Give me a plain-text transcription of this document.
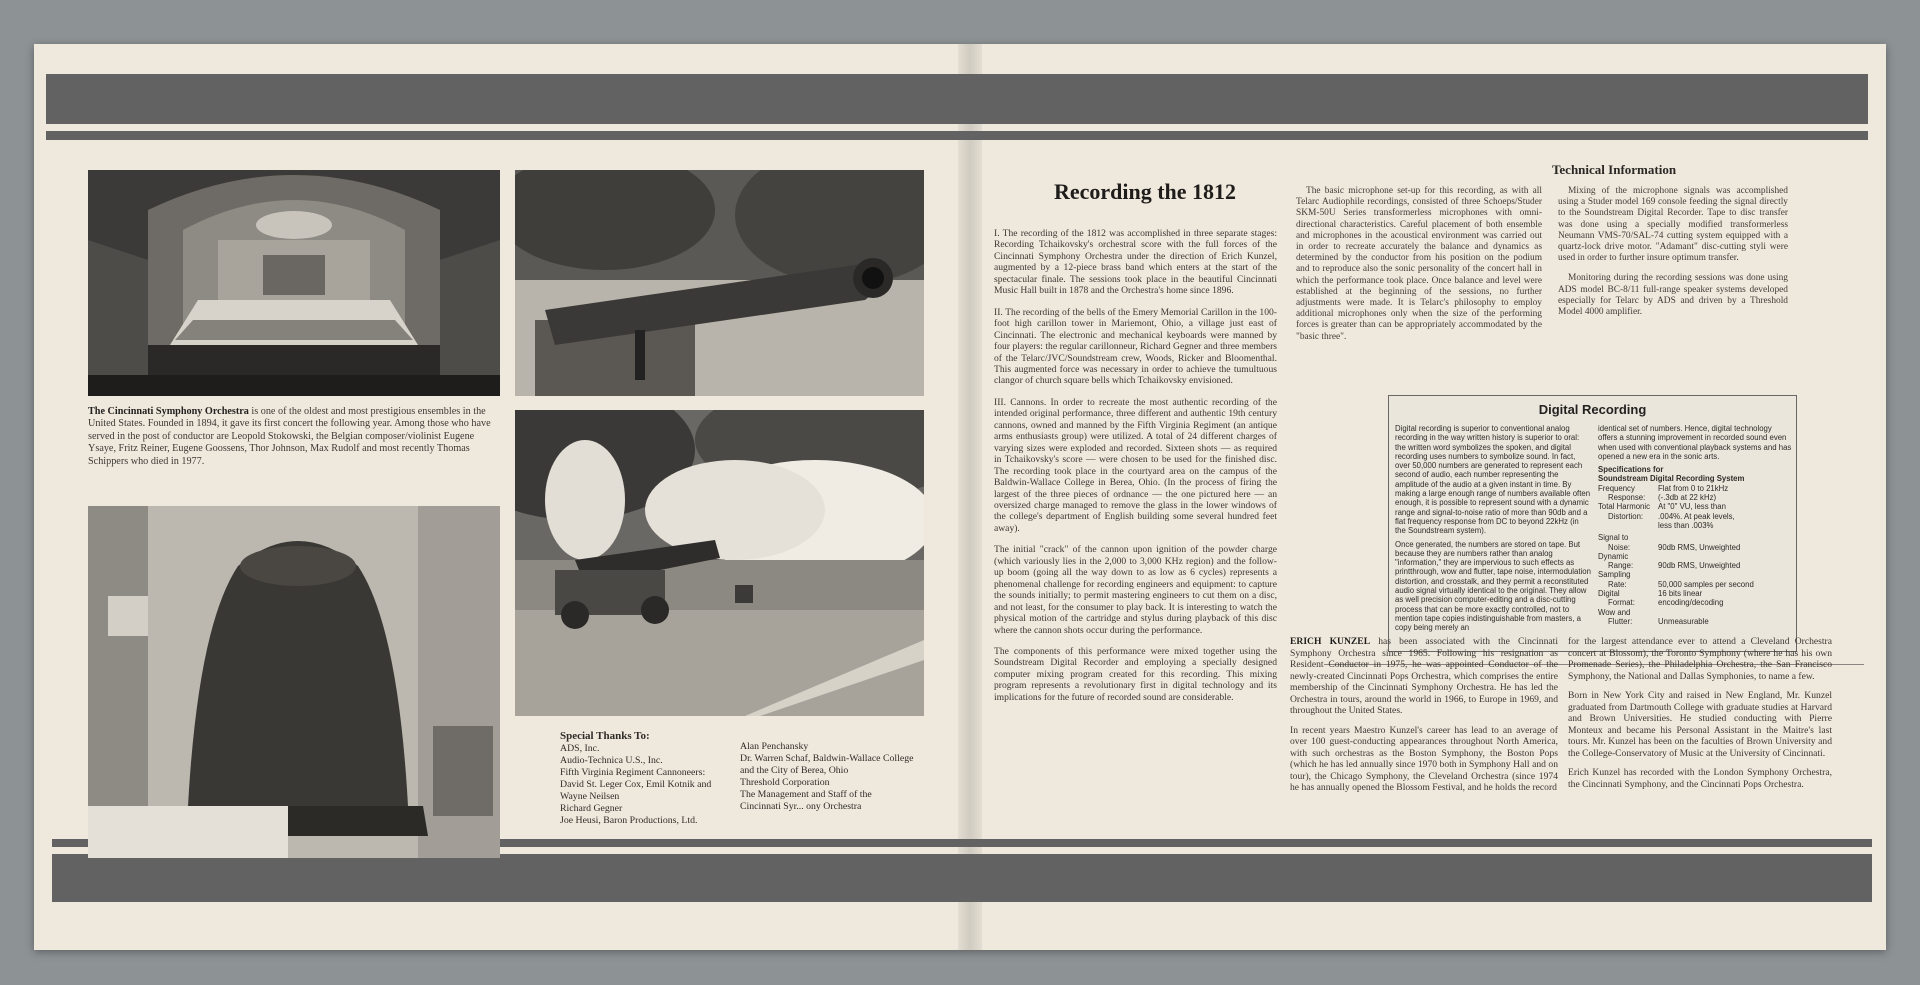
The Cincinnati Symphony Orchestra is one of the oldest and most prestigious ensembles in the United States. Founded in 1894, it gave its first concert the following year. Among those who have served in the post of conductor are Leopold Stokowski, the Belgian composer/violinist Eugene Ysaye, Fritz Reiner, Eugene Goossens, Thor Johnson, Max Rudolf and most recently Thomas Schippers who died in 1977.

Special Thanks To:
ADS, Inc.
Audio-Technica U.S., Inc.
Fifth Virginia Regiment Cannoneers:
David St. Leger Cox, Emil Kotnik and
Wayne Neilsen
Richard Gegner
Joe Heusi, Baron Productions, Ltd.
Alan Penchansky
Dr. Warren Schaf, Baldwin-Wallace College
and the City of Berea, Ohio
Threshold Corporation
The Management and Staff of the
Cincinnati Syr... ony Orchestra
Recording the 1812

I. The recording of the 1812 was accomplished in three separate stages: Recording Tchaikovsky's orchestral score with the full forces of the Cincinnati Symphony Orchestra under the direction of Erich Kunzel, augmented by a 12-piece brass band which enters at the start of the spectacular finale. The sessions took place in the beautiful Cincinnati Music Hall built in 1878 and the Orchestra's home since 1896.

II. The recording of the bells of the Emery Memorial Carillon in the 100-foot high carillon tower in Mariemont, Ohio, a village just east of Cincinnati. The electronic and mechanical keyboards were manned by four players: the regular carillonneur, Richard Gegner and three members of the Telarc/JVC/Soundstream crew, Woods, Ricker and Bloomenthal. This augmented force was necessary in order to achieve the tumultuous clangor of church square bells which Tchaikovsky envisioned.

III. Cannons. In order to recreate the most authentic recording of the intended original performance, three different and authentic 19th century cannons, owned and manned by the Fifth Virginia Regiment (an antique arms enthusiasts group) were utilized. A total of 24 different charges of varying sizes were exploded and recorded. Sixteen shots — as required in Tchaikovsky's score — were chosen to be used for the finished disc. The recording took place in the courtyard area on the campus of the Baldwin-Wallace College in Berea, Ohio. (In the process of firing the largest of the three pieces of ordnance — the one pictured here — an oversized charge managed to remove the glass in the lower windows of the college's department of English building some several hundred feet away).

The initial "crack" of the cannon upon ignition of the powder charge (which variously lies in the 2,000 to 3,000 KHz region) and the follow-up boom (going all the way down to as low as 6 cycles) represents a phenomenal challenge for recording engineers and equipment: to capture the sounds initially; to permit mastering engineers to cut them on a disc, and not least, for the consumer to play back. It is interesting to watch the physical motion of the cartridge and stylus during playback of this disc where the cannon shots occur during the performance.

The components of this performance were mixed together using the Soundstream Digital Recorder and employing a specially designed computer mixing program created for this recording. This mixing program represents a revolutionary first in digital technology and its implications for the future of recorded sound are considerable.

Technical Information

The basic microphone set-up for this recording, as with all Telarc Audiophile recordings, consisted of three Schoeps/Studer SKM-50U Series transformerless microphones with omni-directional characteristics. Careful placement of both ensemble and microphones in the acoustical environment was carried out in order to recreate accurately the balance and dynamics as determined by the conductor from his position on the podium and to reproduce also the sonic personality of the concert hall in which the performance took place. Once balance and level were established at the beginning of the sessions, no further adjustments were made. It is Telarc's philosophy to employ additional microphones only when the size of the performing forces is greater than can be appropriately accommodated by the "basic three".

Mixing of the microphone signals was accomplished using a Studer model 169 console feeding the signal directly to the Soundstream Digital Recorder. Tape to disc transfer was done using a specially modified transformerless Neumann VMS-70/SAL-74 cutting system equipped with a quartz-lock drive motor. "Adamant" disc-cutting styli were used in order to further insure optimum transfer.

Monitoring during the recording sessions was done using ADS model BC-8/11 full-range speaker systems developed especially for Telarc by ADS and driven by a Threshold Model 4000 amplifier.

Digital Recording

Digital recording is superior to conventional analog recording in the way written history is superior to oral: the written word symbolizes the spoken, and digital recording uses numbers to symbolize sound. In fact, over 50,000 numbers are generated to represent each second of audio, each number representing the amplitude of the audio at a given instant in time. By making a large enough range of numbers available often enough, it is possible to represent sound with a dynamic range and signal-to-noise ratio of more than 90db and a flat frequency response from DC to beyond 22kHz (in the Soundstream system).

Once generated, the numbers are stored on tape. But because they are numbers rather than analog "information," they are impervious to such effects as printthrough, wow and flutter, tape noise, intermodulation distortion, and crosstalk, and they permit a reconstituted audio signal virtually identical to the original. They allow as well precision computer-editing and a disc-cutting process that can be more exactly controlled, not to mention tape copies indistinguishable from masters, a copy being merely an

identical set of numbers. Hence, digital technology offers a stunning improvement in recorded sound even when used with conventional playback systems and has opened a new era in the sonic arts.

Specifications for
Soundstream Digital Recording System
Frequency	Flat from 0 to 21kHz
Response:	(-.3db at 22 kHz)
Total Harmonic	At "0" VU, less than
Distortion:	.004%. At peak levels,
less than .003%
Signal to
Noise:	90db RMS, Unweighted
Dynamic
Range:	90db RMS, Unweighted
Sampling
Rate:	50,000 samples per second
Digital	16 bits linear
Format:	encoding/decoding
Wow and
Flutter:	Unmeasurable

ERICH KUNZEL has been associated with the Cincinnati Symphony Orchestra since 1965. Following his resignation as Resident Conductor in 1975, he was appointed Conductor of the newly-created Cincinnati Pops Orchestra, which comprises the entire membership of the Cincinnati Symphony Orchestra. He has led the Orchestra in tours, around the world in 1966, to Europe in 1969, and throughout the United States.

In recent years Maestro Kunzel's career has lead to an average of over 100 guest-conducting appearances throughout North America, with such orchestras as the Boston Symphony, the Boston Pops (which he has led annually since 1970 both in Symphony Hall and on tour), the Chicago Symphony, the Cleveland Orchestra (since 1974 he has annually opened the Blossom Festival, and he holds the record

for the largest attendance ever to attend a Cleveland Orchestra concert at Blossom), the Toronto Symphony (where he has his own Promenade Series), the Philadelphia Orchestra, the San Francisco Symphony, the National and Dallas Symphonies, to name a few.

Born in New York City and raised in New England, Mr. Kunzel graduated from Dartmouth College with graduate studies at Harvard and Brown Universities. He studied conducting with Pierre Monteux and became his Personal Assistant in the Maitre's last tours. Mr. Kunzel has been on the faculties of Brown University and the College-Conservatory of Music at the University of Cincinnati.

Erich Kunzel has recorded with the London Symphony Orchestra, the Cincinnati Symphony, and the Cincinnati Pops Orchestra.
